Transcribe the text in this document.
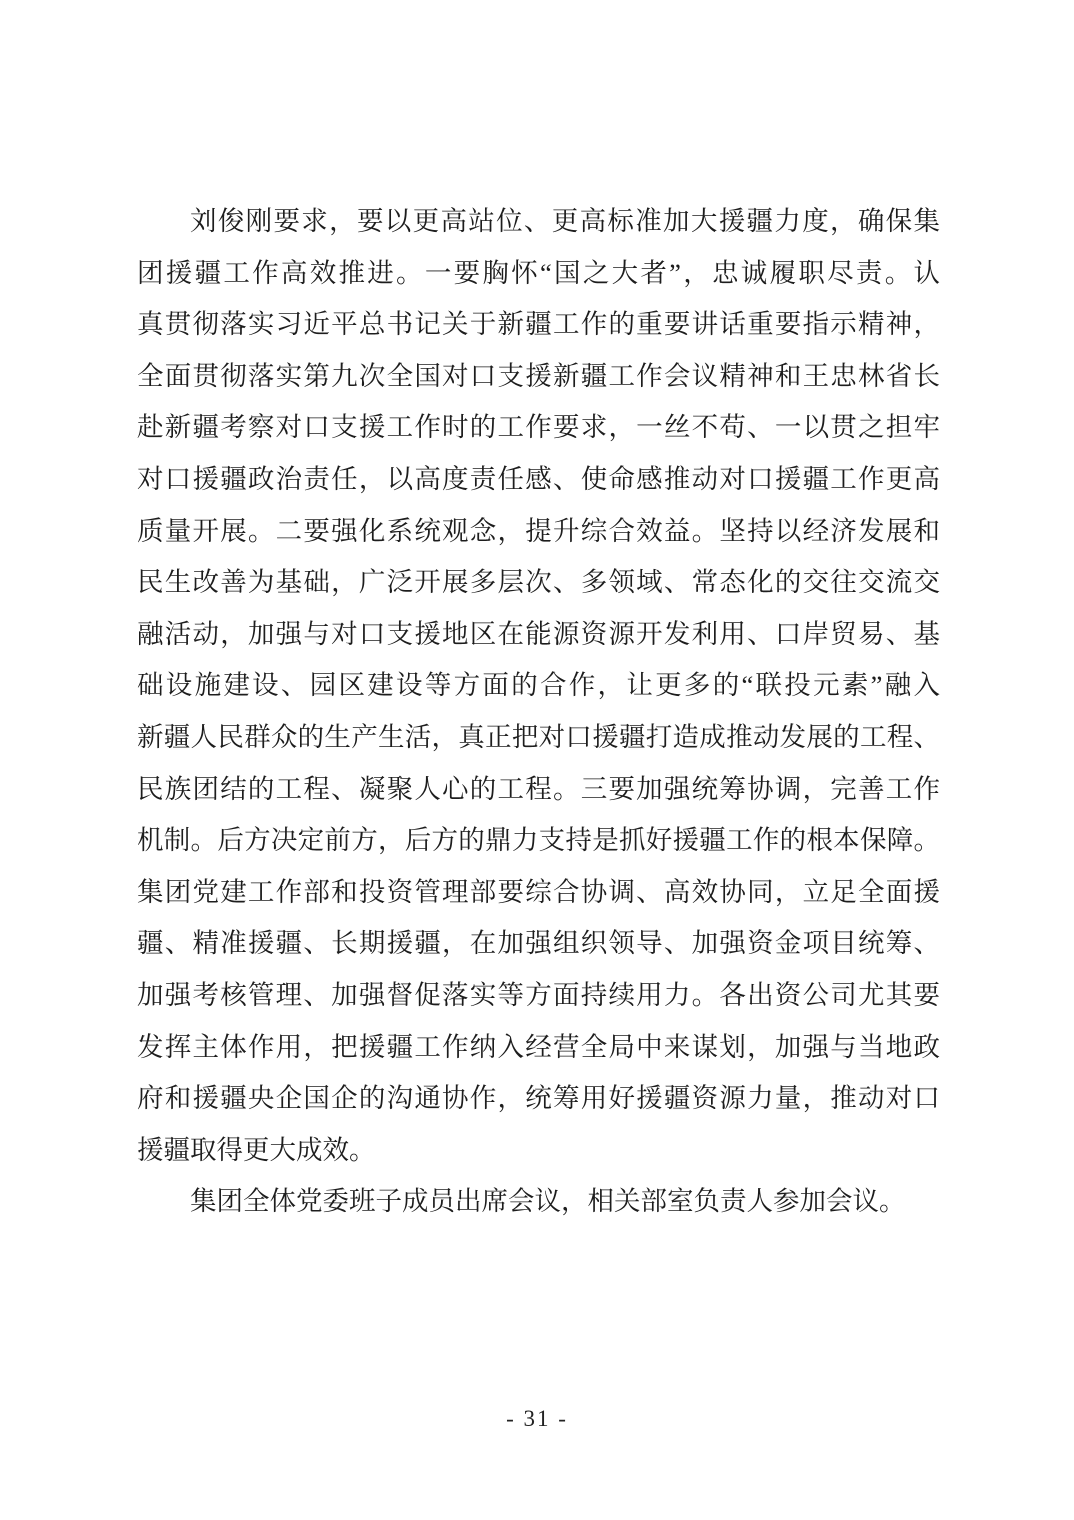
刘俊刚要求，要以更高站位、更高标准加大援疆力度，确保集
团援疆工作高效推进。一要胸怀“国之大者”，忠诚履职尽责。认
真贯彻落实习近平总书记关于新疆工作的重要讲话重要指示精神，
全面贯彻落实第九次全国对口支援新疆工作会议精神和王忠林省长
赴新疆考察对口支援工作时的工作要求，一丝不苟、一以贯之担牢
对口援疆政治责任，以高度责任感、使命感推动对口援疆工作更高
质量开展。二要强化系统观念，提升综合效益。坚持以经济发展和
民生改善为基础，广泛开展多层次、多领域、常态化的交往交流交
融活动，加强与对口支援地区在能源资源开发利用、口岸贸易、基
础设施建设、园区建设等方面的合作，让更多的“联投元素”融入
新疆人民群众的生产生活，真正把对口援疆打造成推动发展的工程、
民族团结的工程、凝聚人心的工程。三要加强统筹协调，完善工作
机制。后方决定前方，后方的鼎力支持是抓好援疆工作的根本保障。
集团党建工作部和投资管理部要综合协调、高效协同，立足全面援
疆、精准援疆、长期援疆，在加强组织领导、加强资金项目统筹、
加强考核管理、加强督促落实等方面持续用力。各出资公司尤其要
发挥主体作用，把援疆工作纳入经营全局中来谋划，加强与当地政
府和援疆央企国企的沟通协作，统筹用好援疆资源力量，推动对口
援疆取得更大成效。
集团全体党委班子成员出席会议，相关部室负责人参加会议。
- 31 -
